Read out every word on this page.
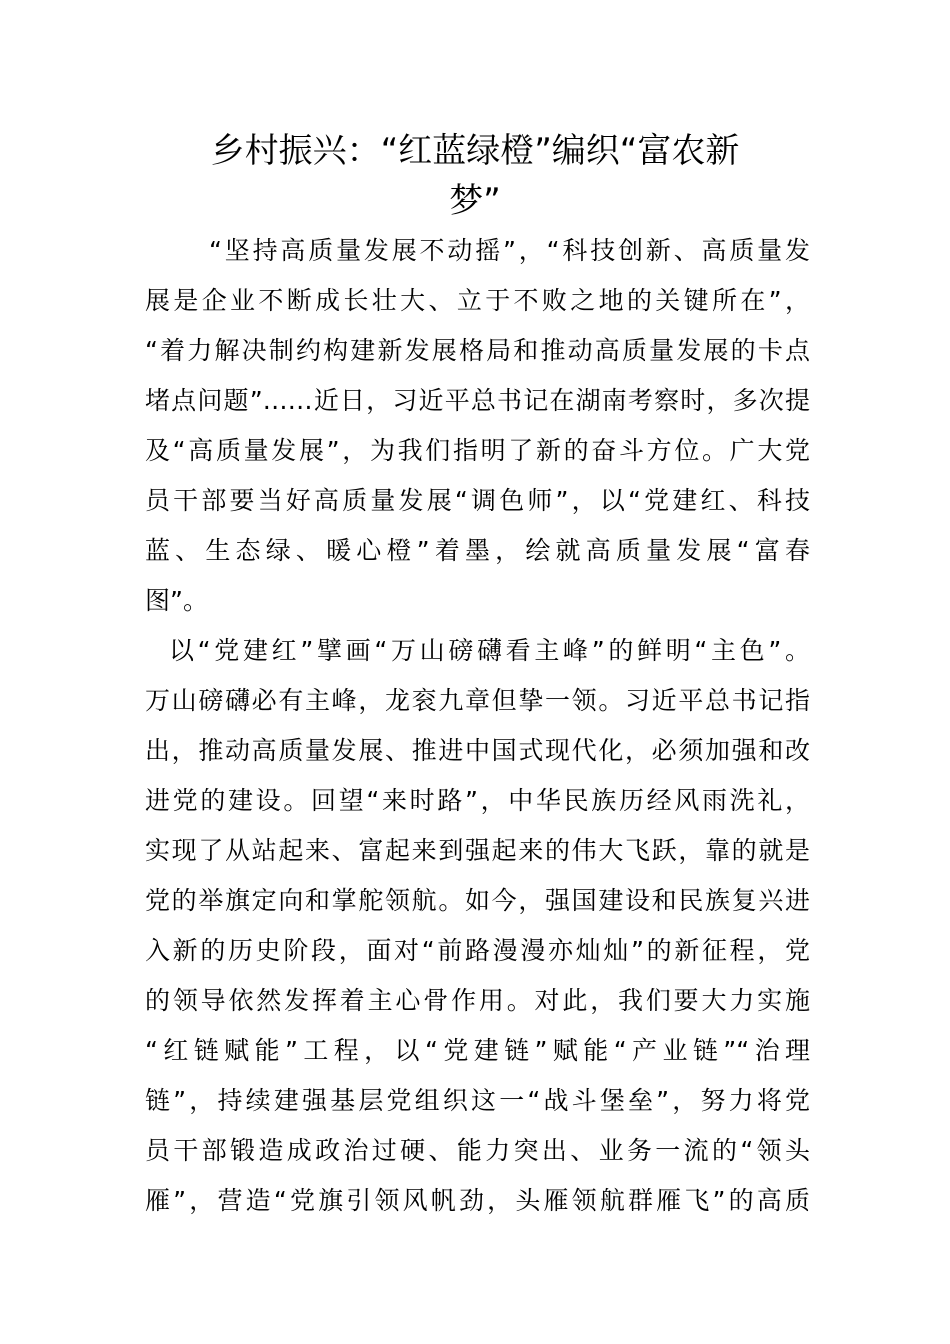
乡村振兴：“红蓝绿橙”编织“富农新
梦”
“坚持高质量发展不动摇”，“科技创新、高质量发
展是企业不断成长壮大、立于不败之地的关键所在”，
“着力解决制约构建新发展格局和推动高质量发展的卡点
堵点问题”……近日，习近平总书记在湖南考察时，多次提
及“高质量发展”，为我们指明了新的奋斗方位。广大党
员干部要当好高质量发展“调色师”，以“党建红、科技
蓝、生态绿、暖心橙”着墨，绘就高质量发展“富春
图”。
以“党建红”擘画“万山磅礴看主峰”的鲜明“主色”。
万山磅礴必有主峰，龙衮九章但挚一领。习近平总书记指
出，推动高质量发展、推进中国式现代化，必须加强和改
进党的建设。回望“来时路”，中华民族历经风雨洗礼，
实现了从站起来、富起来到强起来的伟大飞跃，靠的就是
党的举旗定向和掌舵领航。如今，强国建设和民族复兴进
入新的历史阶段，面对“前路漫漫亦灿灿”的新征程，党
的领导依然发挥着主心骨作用。对此，我们要大力实施
“红链赋能”工程，以“党建链”赋能“产业链”“治理
链”，持续建强基层党组织这一“战斗堡垒”，努力将党
员干部锻造成政治过硬、能力突出、业务一流的“领头
雁”，营造“党旗引领风帆劲，头雁领航群雁飞”的高质
